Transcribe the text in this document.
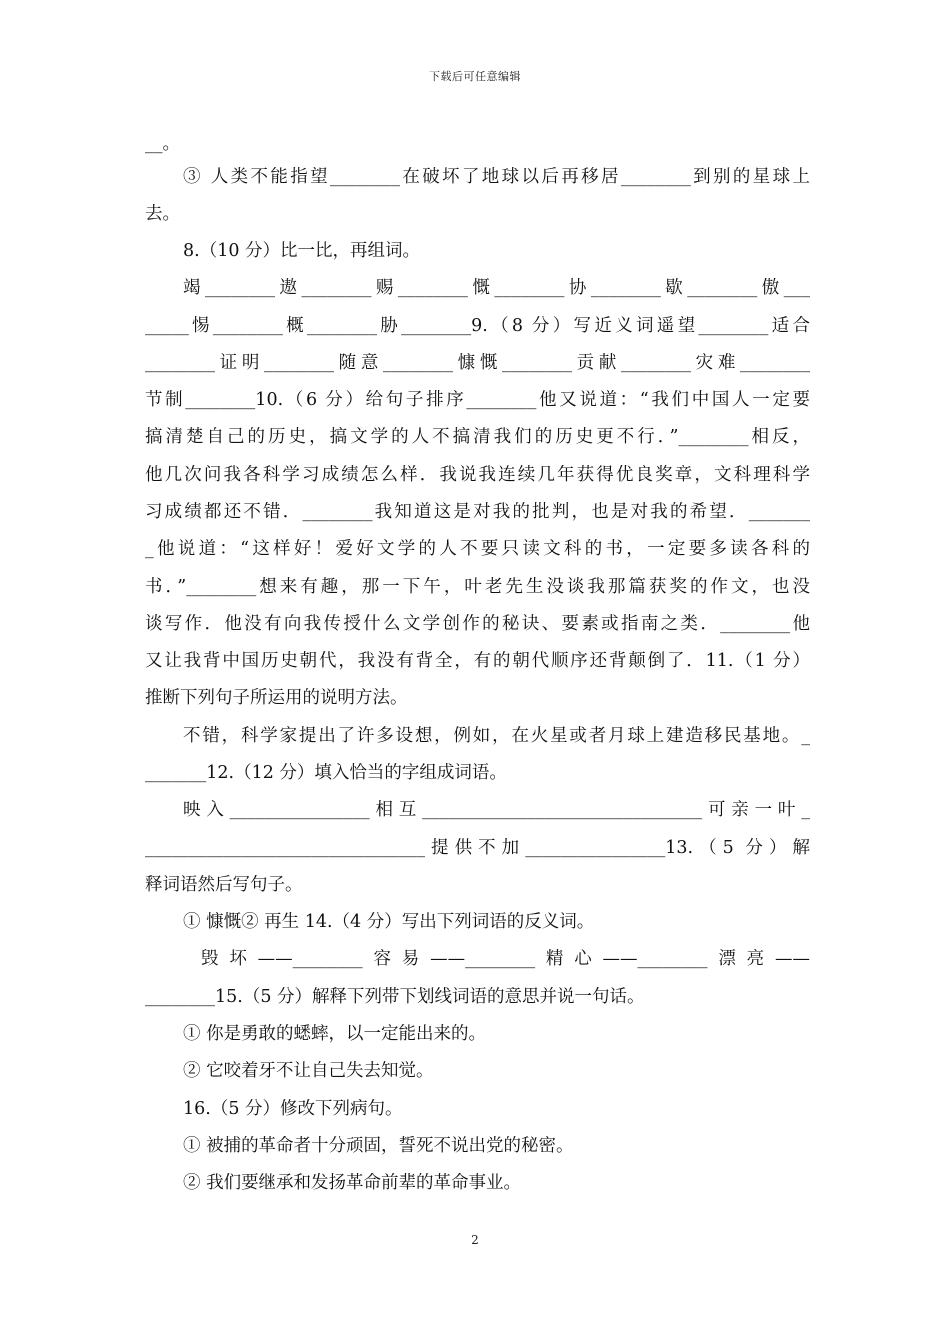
下载后可任意编辑
__。
③ 人类不能指望________在破坏了地球以后再移居________到别的星球上
去。
8.（10 分）比一比，再组词。
竭________遨________赐________慨________协________歇________傲___
_____惕________概________胁________9.（8 分）写近义词遥望________适合
________证明________随意________慷慨________贡献________灾难________
节制________10.（6 分）给句子排序________他又说道：“我们中国人一定要
搞清楚自己的历史，搞文学的人不搞清我们的历史更不行．”________相反，
他几次问我各科学习成绩怎么样．我说我连续几年获得优良奖章，文科理科学
习成绩都还不错．________我知道这是对我的批判，也是对我的希望．_______
_他说道：“这样好！爱好文学的人不要只读文科的书，一定要多读各科的
书．”________想来有趣，那一下午，叶老先生没谈我那篇获奖的作文，也没
谈写作．他没有向我传授什么文学创作的秘诀、要素或指南之类．________他
又让我背中国历史朝代，我没有背全，有的朝代顺序还背颠倒了．11.（1 分）
推断下列句子所运用的说明方法。
不错，科学家提出了许多设想，例如，在火星或者月球上建造移民基地。_
_______12.（12 分）填入恰当的字组成词语。
映入________________相互________________________________可亲一叶_
________________________________提供不加________________13.（5 分）解
释词语然后写句子。
① 慷慨② 再生 14.（4 分）写出下列词语的反义词。
毁坏——________容易——________精心——________漂亮——
________15.（5 分）解释下列带下划线词语的意思并说一句话。
① 你是勇敢的蟋蟀，以一定能出来的。
② 它咬着牙不让自己失去知觉。
16.（5 分）修改下列病句。
① 被捕的革命者十分顽固，誓死不说出党的秘密。
② 我们要继承和发扬革命前辈的革命事业。
2
